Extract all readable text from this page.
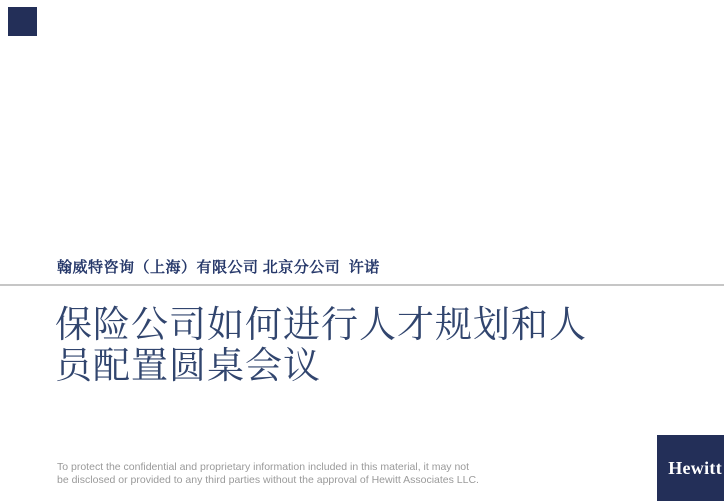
翰威特咨询（上海）有限公司 北京分公司  许诺
保险公司如何进行人才规划和人
员配置圆桌会议
To protect the confidential and proprietary information included in this material, it may not
be disclosed or provided to any third parties without the approval of Hewitt Associates LLC.
Hewitt
